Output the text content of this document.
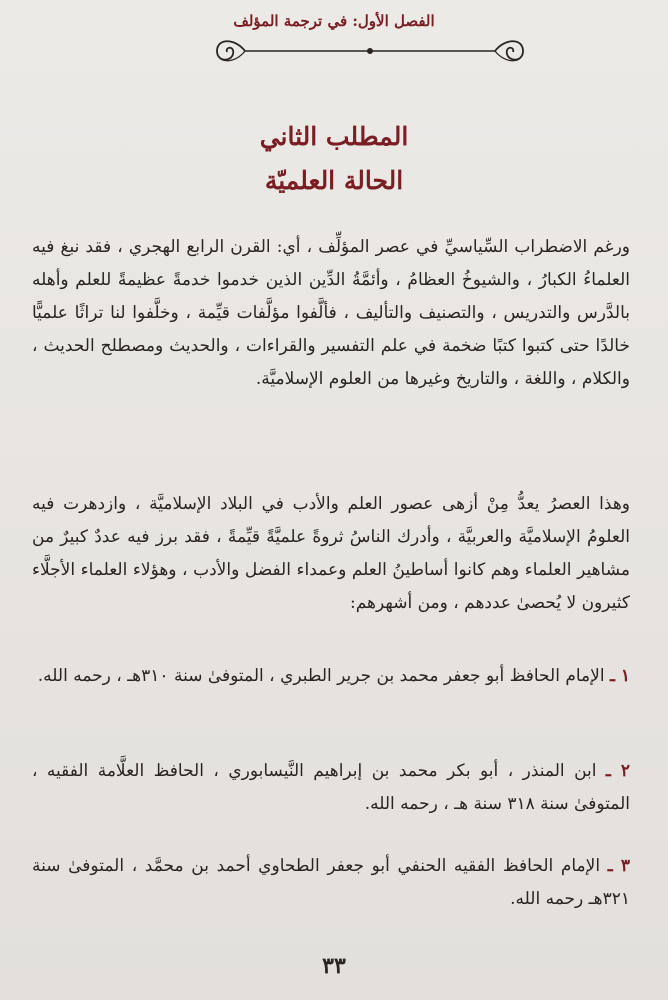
الفصل الأول: في ترجمة المؤلف
المطلب الثاني
الحالة العلميّة
ورغم الاضطراب السِّياسيِّ في عصر المؤلِّف ، أي: القرن الرابع الهجري ، فقد نبغ فيه العلماءُ الكبارُ ، والشيوخُ العظامُ ، وأئمَّةُ الدِّين الذين خدموا خدمةً عظيمةً للعلم وأهله بالدَّرس والتدريس ، والتصنيف والتأليف ، فألَّفوا مؤلَّفات قيِّمة ، وخلَّفوا لنا تراثًا علميًّا خالدًا حتى كتبوا كتبًا ضخمة في علم التفسير والقراءات ، والحديث ومصطلح الحديث ، والكلام ، واللغة ، والتاريخ وغيرها من العلوم الإسلاميَّة.
وهذا العصرُ يعدُّ مِنْ أزهى عصور العلم والأدب في البلاد الإسلاميَّة ، وازدهرت فيه العلومُ الإسلاميَّة والعربيَّة ، وأدرك الناسُ ثروةً علميَّةً قيِّمةً ، فقد برز فيه عددٌ كبيرٌ من مشاهير العلماء وهم كانوا أساطينُ العلم وعمداء الفضل والأدب ، وهؤلاء العلماء الأجلَّاء كثيرون لا يُحصىٰ عددهم ، ومن أشهرهم:
١ ـ الإمام الحافظ أبو جعفر محمد بن جرير الطبري ، المتوفىٰ سنة ٣١٠هـ ، رحمه الله.
٢ ـ ابن المنذر ، أبو بكر محمد بن إبراهيم النَّيسابوري ، الحافظ العلَّامة الفقيه ، المتوفىٰ سنة ٣١٨ سنة هـ ، رحمه الله.
٣ ـ الإمام الحافظ الفقيه الحنفي أبو جعفر الطحاوي أحمد بن محمَّد ، المتوفىٰ سنة ٣٢١هـ رحمه الله.
٣٣
